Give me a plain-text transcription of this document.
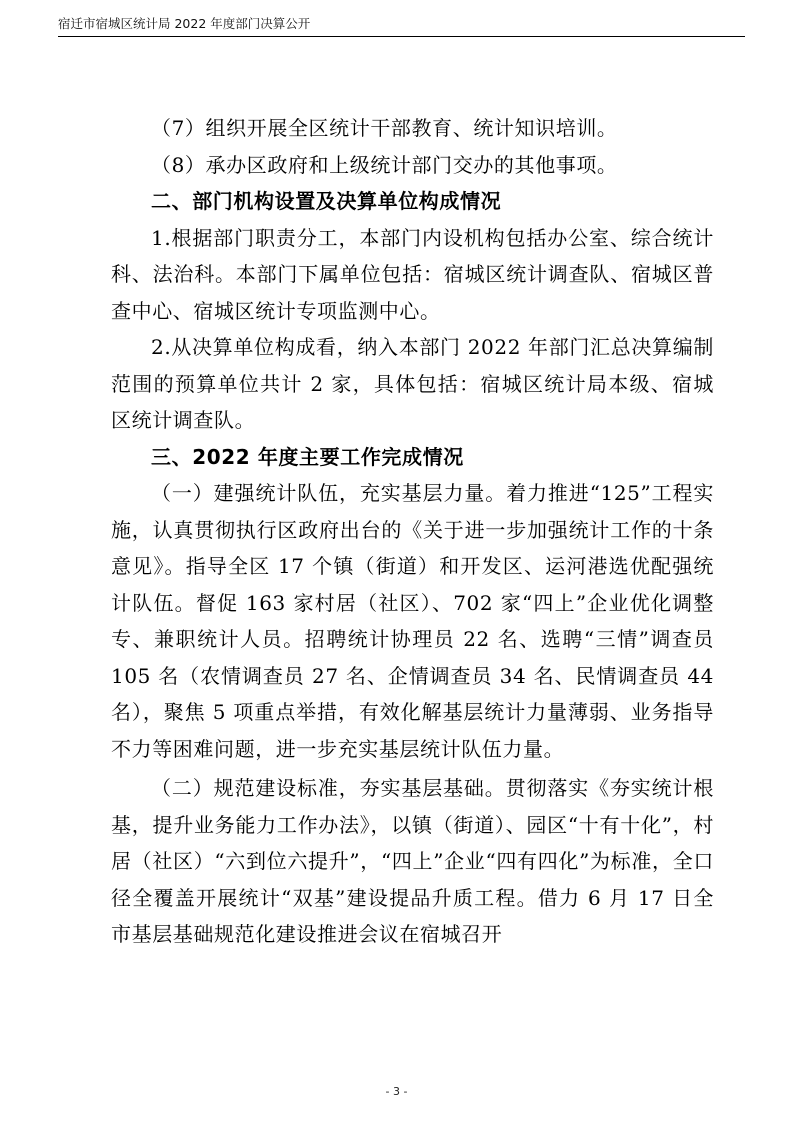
宿迁市宿城区统计局 2022 年度部门决算公开

（7）组织开展全区统计干部教育、统计知识培训。

（8）承办区政府和上级统计部门交办的其他事项。

二、部门机构设置及决算单位构成情况

1.根据部门职责分工，本部门内设机构包括办公室、综合统计科、法治科。本部门下属单位包括：宿城区统计调查队、宿城区普查中心、宿城区统计专项监测中心。

2.从决算单位构成看，纳入本部门 2022 年部门汇总决算编制范围的预算单位共计 2 家，具体包括：宿城区统计局本级、宿城区统计调查队。

三、2022 年度主要工作完成情况

（一）建强统计队伍，充实基层力量。着力推进“125”工程实施，认真贯彻执行区政府出台的《关于进一步加强统计工作的十条意见》。指导全区 17 个镇（街道）和开发区、运河港选优配强统计队伍。督促 163 家村居（社区）、702 家“四上”企业优化调整专、兼职统计人员。招聘统计协理员 22 名、选聘“三情”调查员 105 名（农情调查员 27 名、企情调查员 34 名、民情调查员 44 名），聚焦 5 项重点举措，有效化解基层统计力量薄弱、业务指导不力等困难问题，进一步充实基层统计队伍力量。

（二）规范建设标准，夯实基层基础。贯彻落实《夯实统计根基，提升业务能力工作办法》，以镇（街道）、园区“十有十化”，村居（社区）“六到位六提升”，“四上”企业“四有四化”为标准，全口径全覆盖开展统计“双基”建设提品升质工程。借力 6 月 17 日全市基层基础规范化建设推进会议在宿城召开

- 3 -
